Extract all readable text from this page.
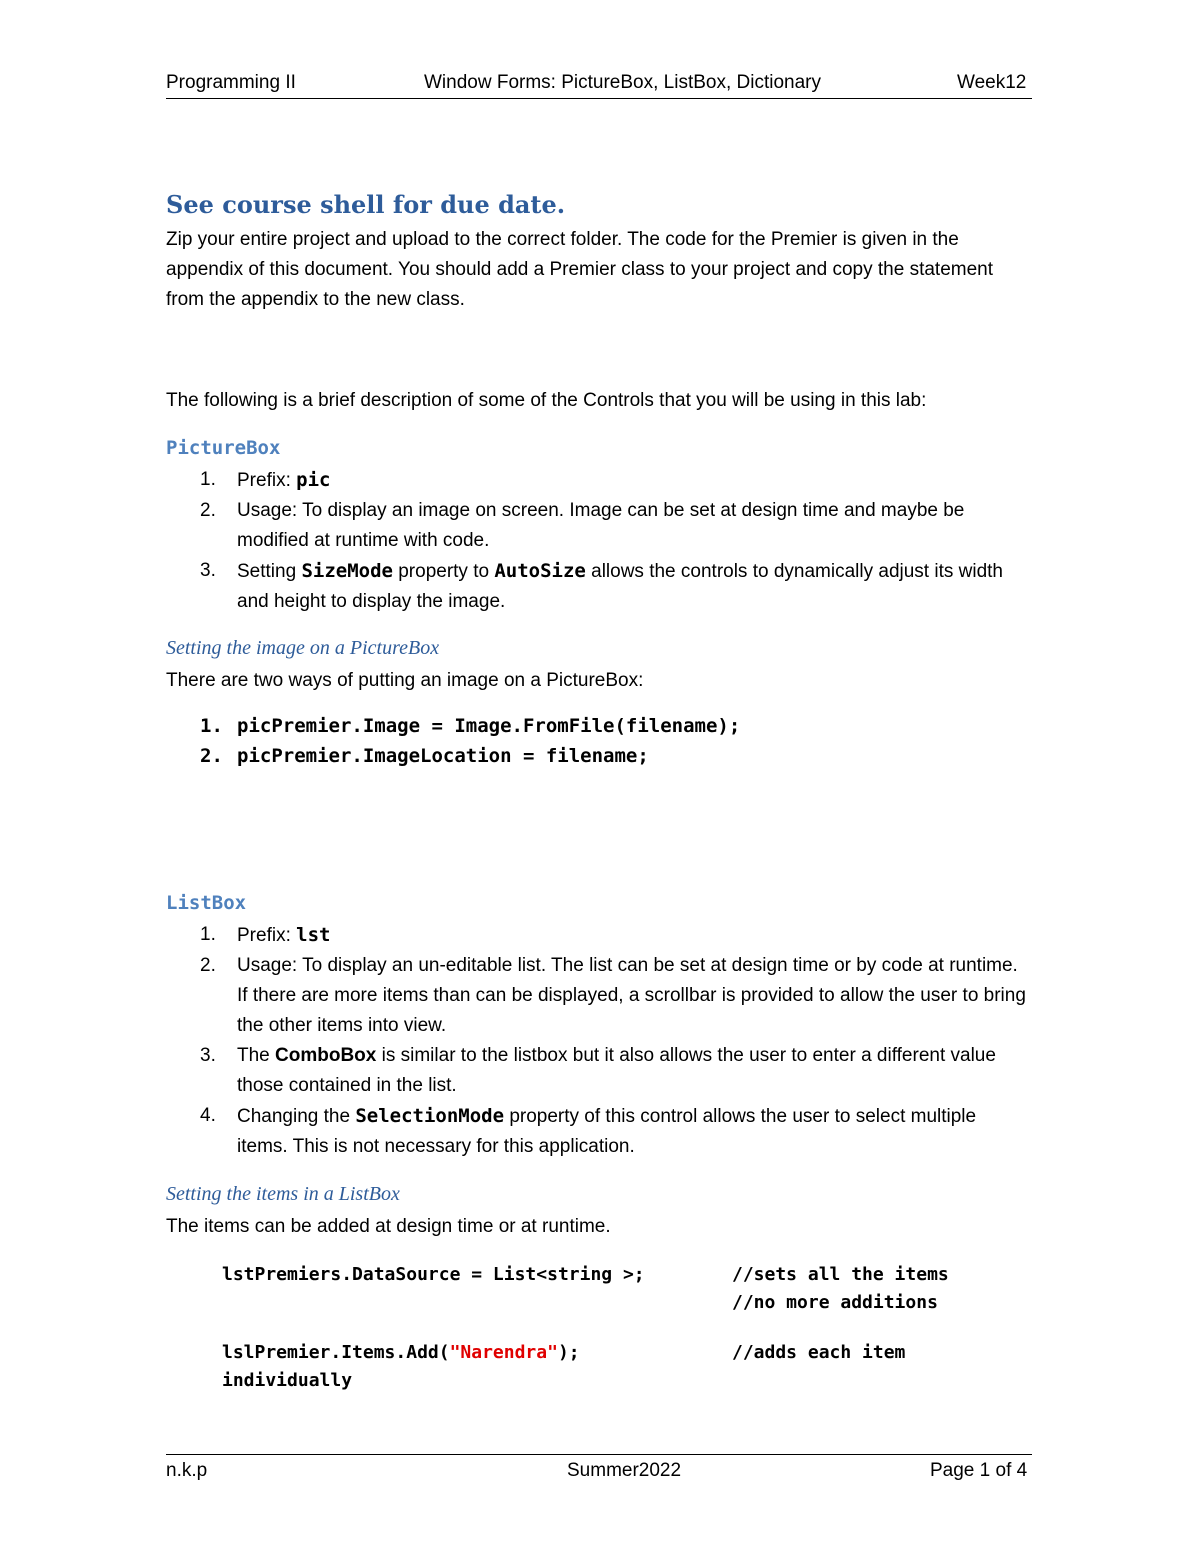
Programming II	Window Forms: PictureBox, ListBox, Dictionary	Week12
See course shell for due date.
Zip your entire project and upload to the correct folder. The code for the Premier is given in the appendix of this document. You should add a Premier class to your project and copy the statement from the appendix to the new class.
The following is a brief description of some of the Controls that you will be using in this lab:
PictureBox
1. Prefix: pic
2. Usage: To display an image on screen. Image can be set at design time and maybe be modified at runtime with code.
3. Setting SizeMode property to AutoSize allows the controls to dynamically adjust its width and height to display the image.
Setting the image on a PictureBox
There are two ways of putting an image on a PictureBox:
1. picPremier.Image = Image.FromFile(filename);
2. picPremier.ImageLocation = filename;
ListBox
1. Prefix: lst
2. Usage: To display an un-editable list. The list can be set at design time or by code at runtime. If there are more items than can be displayed, a scrollbar is provided to allow the user to bring the other items into view.
3. The ComboBox is similar to the listbox but it also allows the user to enter a different value those contained in the list.
4. Changing the SelectionMode property of this control allows the user to select multiple items. This is not necessary for this application.
Setting the items in a ListBox
The items can be added at design time or at runtime.
lstPremiers.DataSource = List<string >;	//sets all the items
//no more additions
lslPremier.Items.Add("Narendra");	//adds each item
individually
n.k.p	Summer2022	Page 1 of 4
